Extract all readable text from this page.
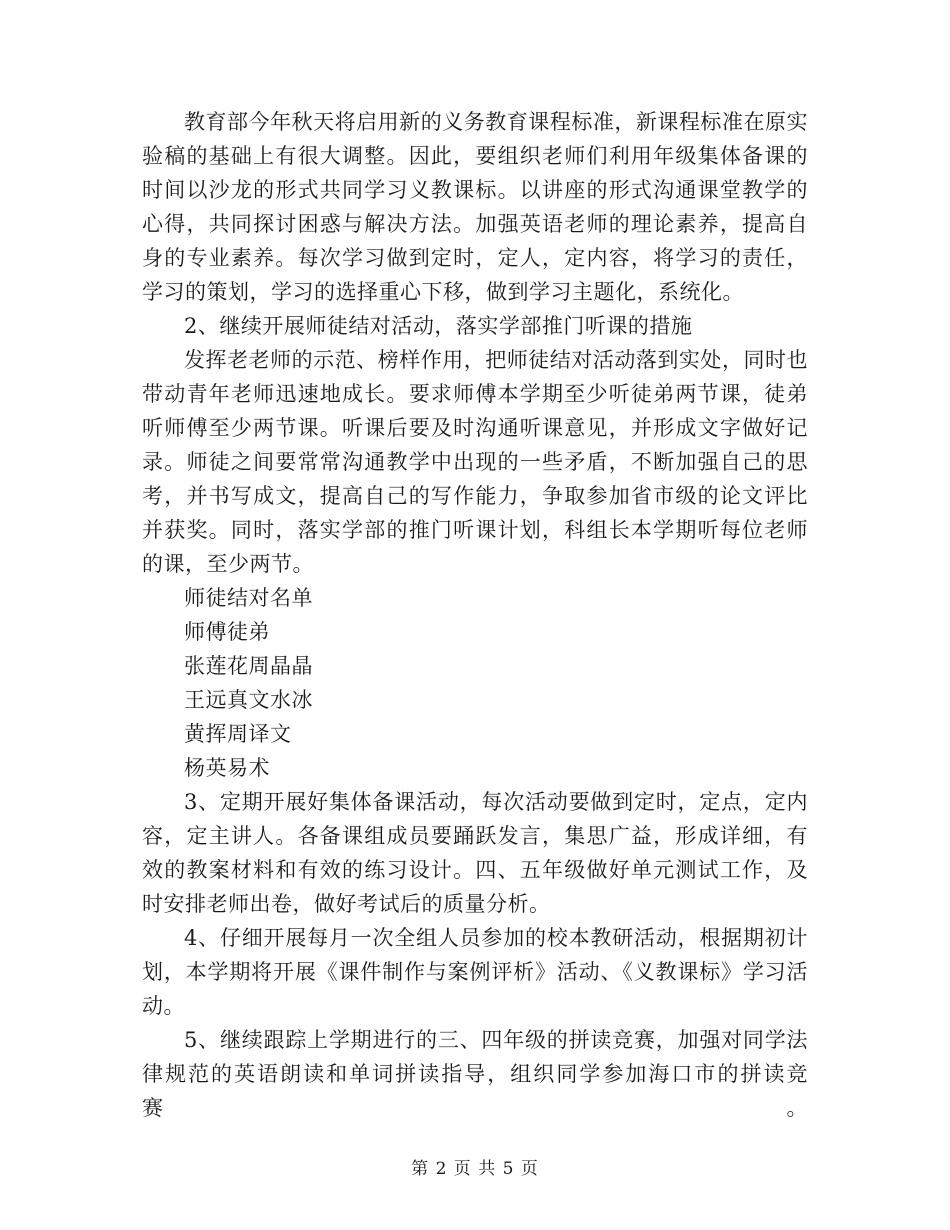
教育部今年秋天将启用新的义务教育课程标准，新课程标准在原实验稿的基础上有很大调整。因此，要组织老师们利用年级集体备课的时间以沙龙的形式共同学习义教课标。以讲座的形式沟通课堂教学的心得，共同探讨困惑与解决方法。加强英语老师的理论素养，提高自身的专业素养。每次学习做到定时，定人，定内容，将学习的责任，学习的策划，学习的选择重心下移，做到学习主题化，系统化。

2、继续开展师徒结对活动，落实学部推门听课的措施

发挥老老师的示范、榜样作用，把师徒结对活动落到实处，同时也带动青年老师迅速地成长。要求师傅本学期至少听徒弟两节课，徒弟听师傅至少两节课。听课后要及时沟通听课意见，并形成文字做好记录。师徒之间要常常沟通教学中出现的一些矛盾，不断加强自己的思考，并书写成文，提高自己的写作能力，争取参加省市级的论文评比并获奖。同时，落实学部的推门听课计划，科组长本学期听每位老师的课，至少两节。

师徒结对名单

师傅徒弟

张莲花周晶晶

王远真文水冰

黄挥周译文

杨英易术

3、定期开展好集体备课活动，每次活动要做到定时，定点，定内容，定主讲人。各备课组成员要踊跃发言，集思广益，形成详细，有效的教案材料和有效的练习设计。四、五年级做好单元测试工作，及时安排老师出卷，做好考试后的质量分析。

4、仔细开展每月一次全组人员参加的校本教研活动，根据期初计划，本学期将开展《课件制作与案例评析》活动、《义教课标》学习活动。

5、继续跟踪上学期进行的三、四年级的拼读竞赛，加强对同学法律规范的英语朗读和单词拼读指导，组织同学参加海口市的拼读竞赛。

第 2 页 共 5 页
